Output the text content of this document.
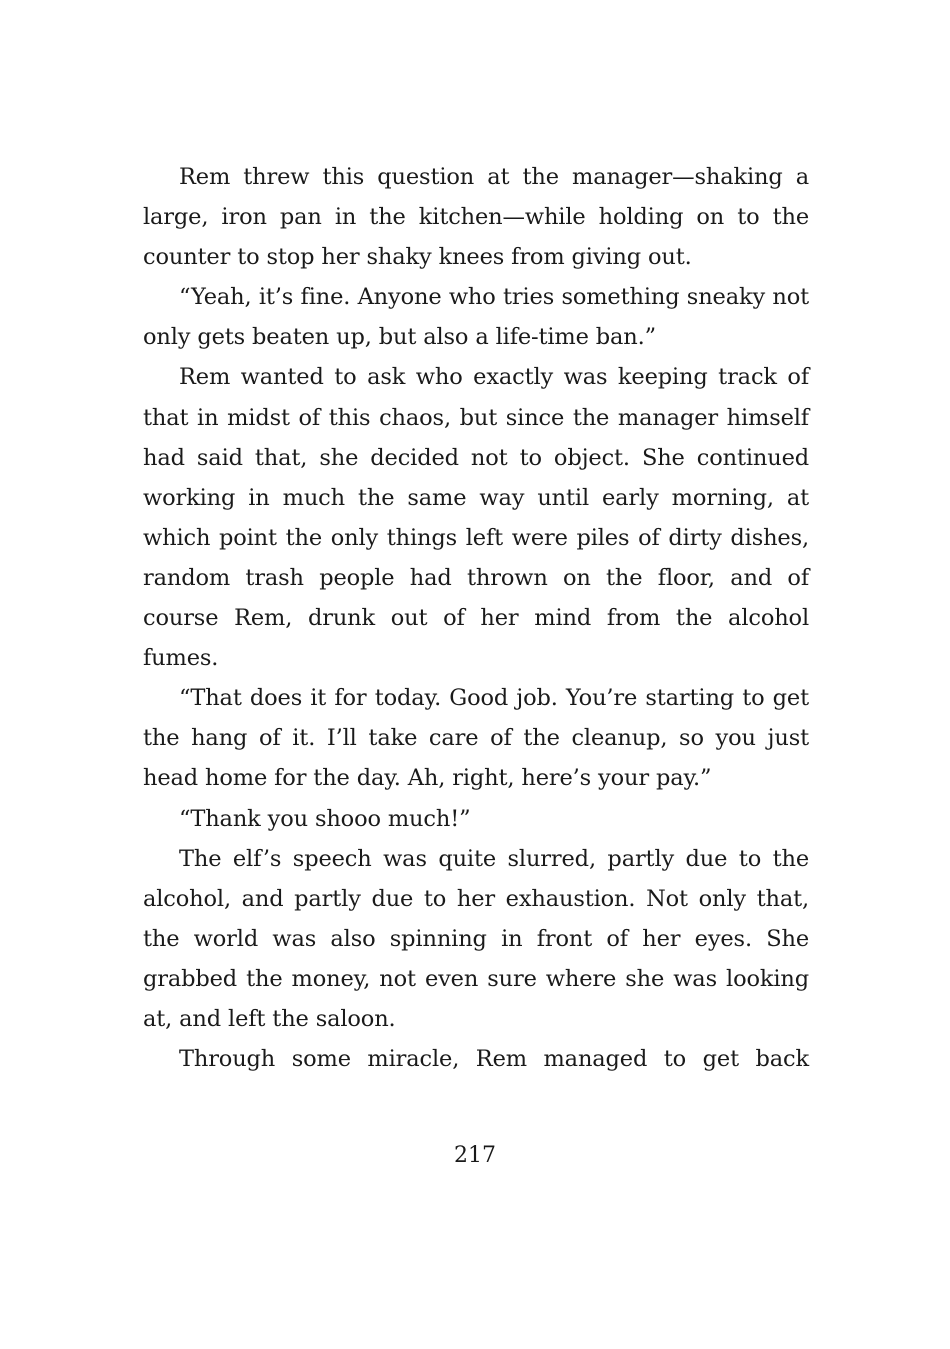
Rem threw this question at the manager—shaking a large, iron pan in the kitchen—while holding on to the counter to stop her shaky knees from giving out.

“Yeah, it’s fine. Anyone who tries something sneaky not only gets beaten up, but also a life-time ban.”

Rem wanted to ask who exactly was keeping track of that in midst of this chaos, but since the manager himself had said that, she decided not to object. She continued working in much the same way until early morning, at which point the only things left were piles of dirty dishes, random trash people had thrown on the floor, and of course Rem, drunk out of her mind from the alcohol fumes.

“That does it for today. Good job. You’re starting to get the hang of it. I’ll take care of the cleanup, so you just head home for the day. Ah, right, here’s your pay.”

“Thank you shooo much!”

The elf’s speech was quite slurred, partly due to the alcohol, and partly due to her exhaustion. Not only that, the world was also spinning in front of her eyes. She grabbed the money, not even sure where she was looking at, and left the saloon.

Through some miracle, Rem managed to get back

217
